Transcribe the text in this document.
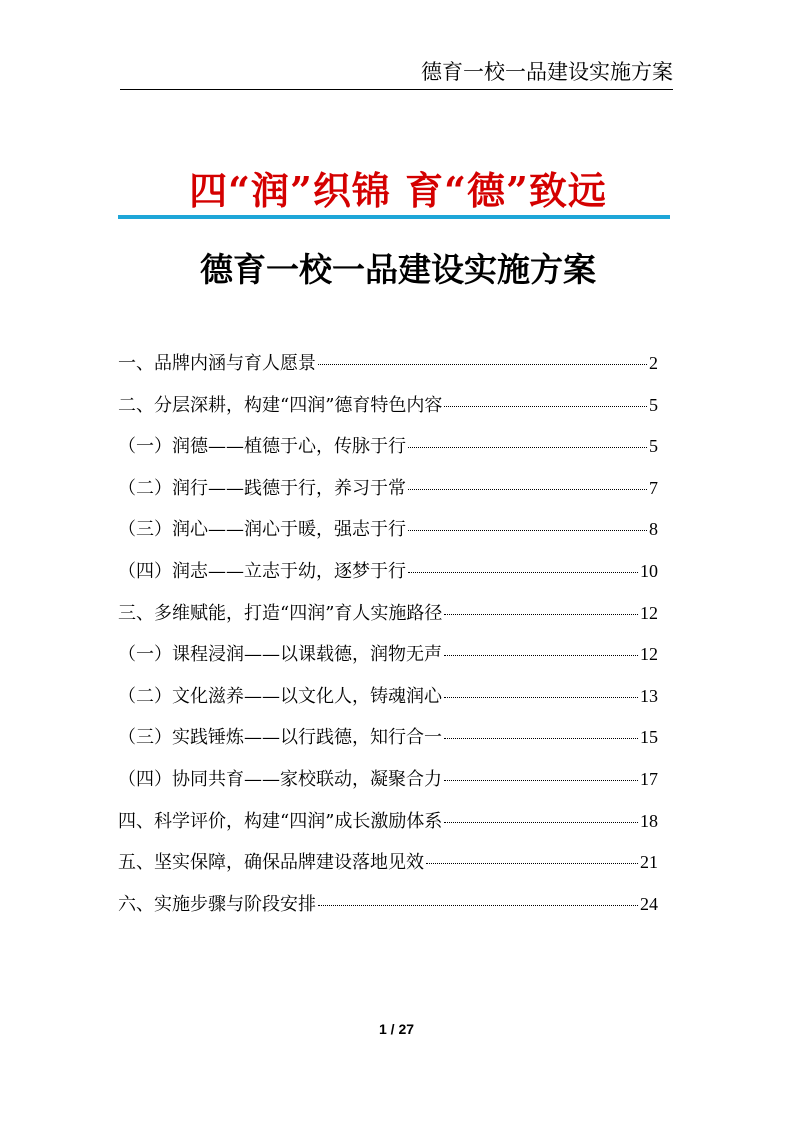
德育一校一品建设实施方案
四“润”织锦 育“德”致远
德育一校一品建设实施方案
一、品牌内涵与育人愿景	2
二、分层深耕，构建“四润”德育特色内容	5
（一）润德——植德于心，传脉于行	5
（二）润行——践德于行，养习于常	7
（三）润心——润心于暖，强志于行	8
（四）润志——立志于幼，逐梦于行	10
三、多维赋能，打造“四润”育人实施路径	12
（一）课程浸润——以课载德，润物无声	12
（二）文化滋养——以文化人，铸魂润心	13
（三）实践锤炼——以行践德，知行合一	15
（四）协同共育——家校联动，凝聚合力	17
四、科学评价，构建“四润”成长激励体系	18
五、坚实保障，确保品牌建设落地见效	21
六、实施步骤与阶段安排	24
1 / 27
